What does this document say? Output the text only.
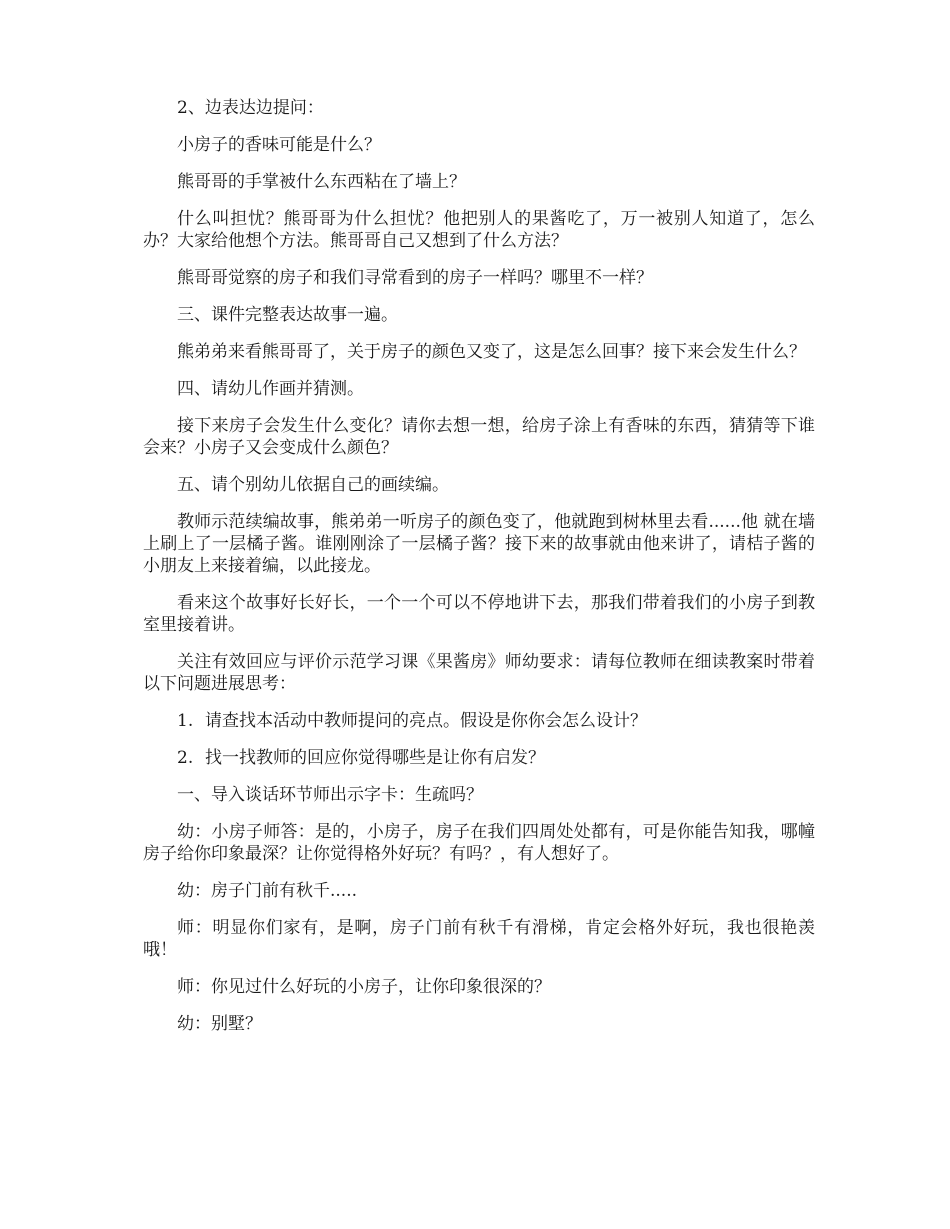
2、边表达边提问：

小房子的香味可能是什么？

熊哥哥的手掌被什么东西粘在了墙上？

什么叫担忧？熊哥哥为什么担忧？他把别人的果酱吃了，万一被别人知道了，怎么办？大家给他想个方法。熊哥哥自己又想到了什么方法？

熊哥哥觉察的房子和我们寻常看到的房子一样吗？哪里不一样？

三、课件完整表达故事一遍。

熊弟弟来看熊哥哥了，关于房子的颜色又变了，这是怎么回事？接下来会发生什么？

四、请幼儿作画并猜测。

接下来房子会发生什么变化？请你去想一想，给房子涂上有香味的东西，猜猜等下谁会来？小房子又会变成什么颜色？

五、请个别幼儿依据自己的画续编。

教师示范续编故事，熊弟弟一听房子的颜色变了，他就跑到树林里去看......他 就在墙上刷上了一层橘子酱。谁刚刚涂了一层橘子酱？接下来的故事就由他来讲了，请桔子酱的小朋友上来接着编，以此接龙。

看来这个故事好长好长，一个一个可以不停地讲下去，那我们带着我们的小房子到教室里接着讲。

关注有效回应与评价示范学习课《果酱房》师幼要求：请每位教师在细读教案时带着以下问题进展思考：

1. 请查找本活动中教师提问的亮点。假设是你你会怎么设计？

2. 找一找教师的回应你觉得哪些是让你有启发？

一、导入谈话环节师出示字卡：生疏吗？

幼：小房子师答：是的，小房子，房子在我们四周处处都有，可是你能告知我，哪幢房子给你印象最深？让你觉得格外好玩？有吗？，有人想好了。

幼：房子门前有秋千.....

师：明显你们家有，是啊，房子门前有秋千有滑梯，肯定会格外好玩，我也很艳羡哦！

师：你见过什么好玩的小房子，让你印象很深的？

幼：别墅？
